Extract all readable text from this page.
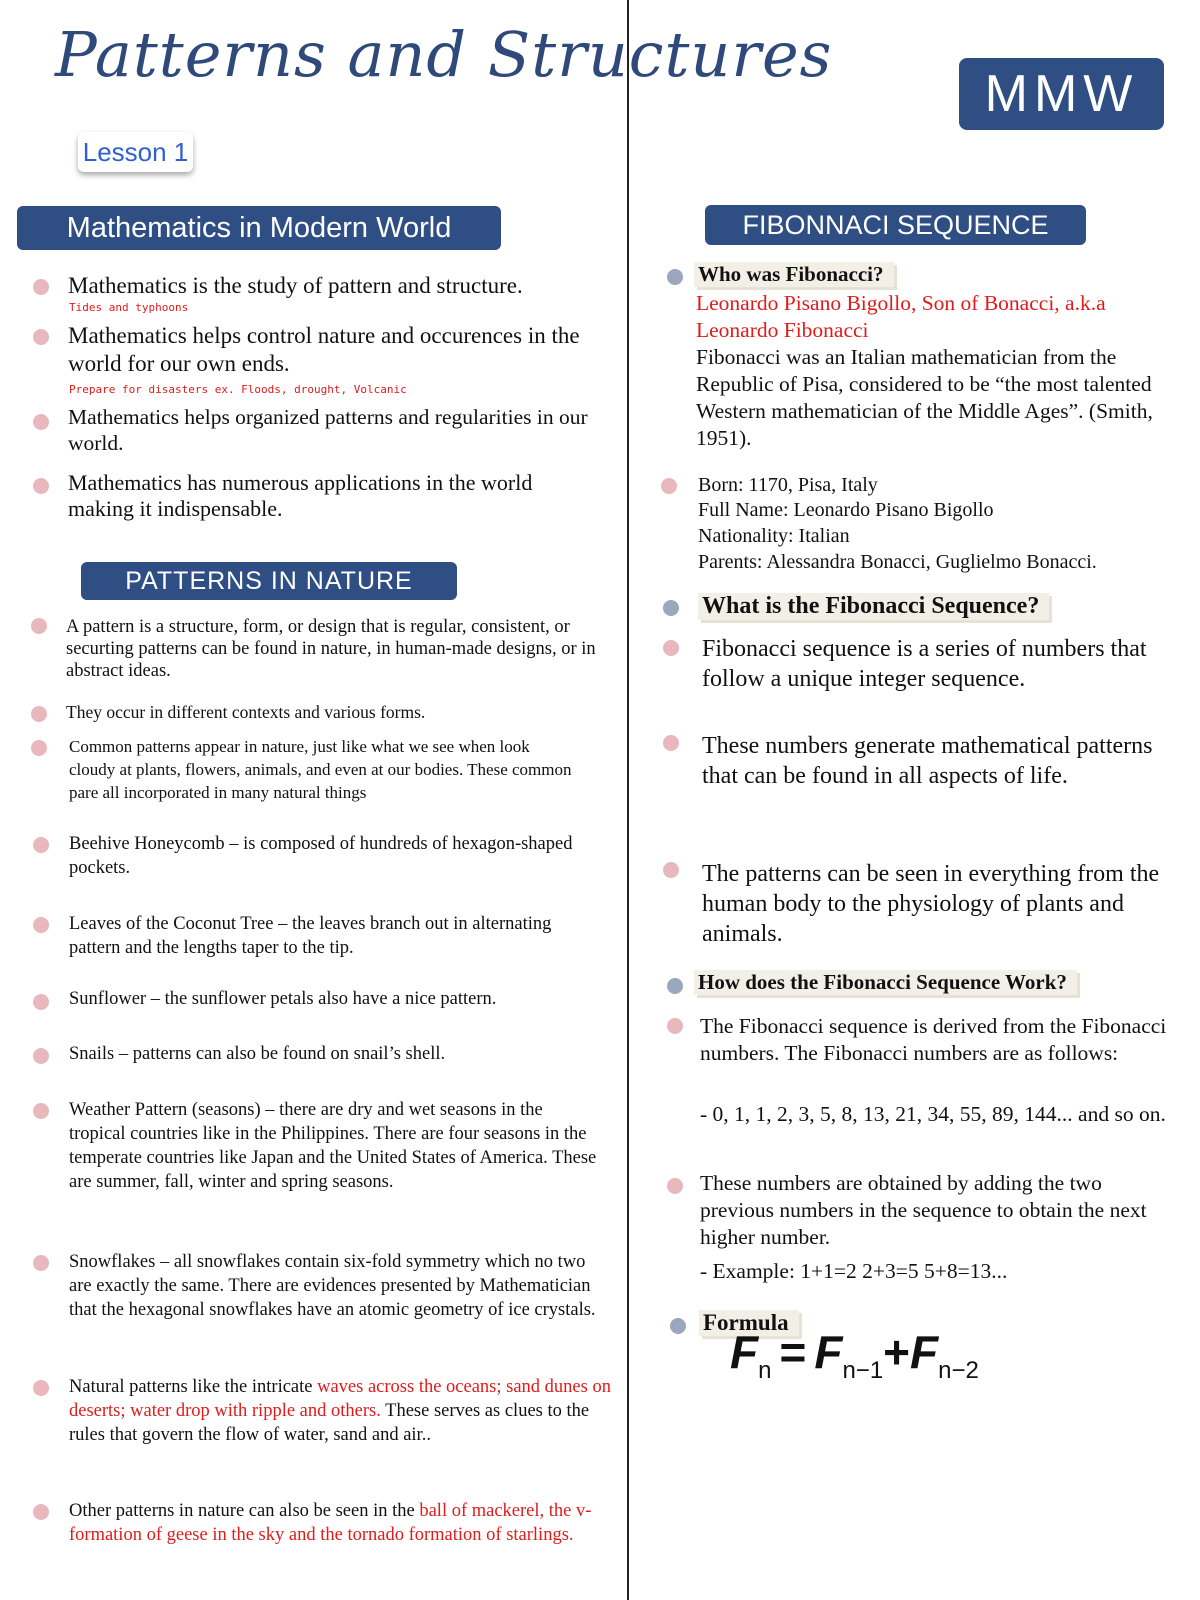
Patterns and Structures
Lesson 1
MMW
Mathematics in Modern World
Mathematics is the study of pattern and structure.
Tides and typhoons
Mathematics helps control nature and occurences in the world for our own ends.
Prepare for disasters ex. Floods, drought, Volcanic
Mathematics helps organized patterns and regularities in our world.
Mathematics has numerous applications in the world making it indispensable.
PATTERNS IN NATURE
A pattern is a structure, form, or design that is regular, consistent, or securting patterns can be found in nature, in human-made designs, or in abstract ideas.
They occur in different contexts and various forms.
Common patterns appear in nature, just like what we see when look cloudy at plants, flowers, animals, and even at our bodies. These common pare all incorporated in many natural things
Beehive Honeycomb – is composed of hundreds of hexagon-shaped pockets.
Leaves of the Coconut Tree – the leaves branch out in alternating pattern and the lengths taper to the tip.
Sunflower – the sunflower petals also have a nice pattern.
Snails – patterns can also be found on snail’s shell.
Weather Pattern (seasons) – there are dry and wet seasons in the tropical countries like in the Philippines. There are four seasons in the temperate countries like Japan and the United States of America. These are summer, fall, winter and spring seasons.
Snowflakes – all snowflakes contain six-fold symmetry which no two are exactly the same. There are evidences presented by Mathematician that the hexagonal snowflakes have an atomic geometry of ice crystals.
Natural patterns like the intricate waves across the oceans; sand dunes on deserts; water drop with ripple and others. These serves as clues to the rules that govern the flow of water, sand and air..
Other patterns in nature can also be seen in the ball of mackerel, the v-formation of geese in the sky and the tornado formation of starlings.
FIBONNACI SEQUENCE
Who was Fibonacci?
Leonardo Pisano Bigollo, Son of Bonacci, a.k.a Leonardo Fibonacci
Fibonacci was an Italian mathematician from the Republic of Pisa, considered to be “the most talented Western mathematician of the Middle Ages”. (Smith, 1951).
Born: 1170, Pisa, Italy
Full Name: Leonardo Pisano Bigollo
Nationality: Italian
Parents: Alessandra Bonacci, Guglielmo Bonacci.
What is the Fibonacci Sequence?
Fibonacci sequence is a series of numbers that follow a unique integer sequence.
These numbers generate mathematical patterns that can be found in all aspects of life.
The patterns can be seen in everything from the human body to the physiology of plants and animals.
How does the Fibonacci Sequence Work?
The Fibonacci sequence is derived from the Fibonacci numbers. The Fibonacci numbers are as follows:
- 0, 1, 1, 2, 3, 5, 8, 13, 21, 34, 55, 89, 144... and so on.
These numbers are obtained by adding the two previous numbers in the sequence to obtain the next higher number.
- Example: 1+1=2 2+3=5 5+8=13...
Formula
$F_n = F_{n-1}+F_{n-2}$
